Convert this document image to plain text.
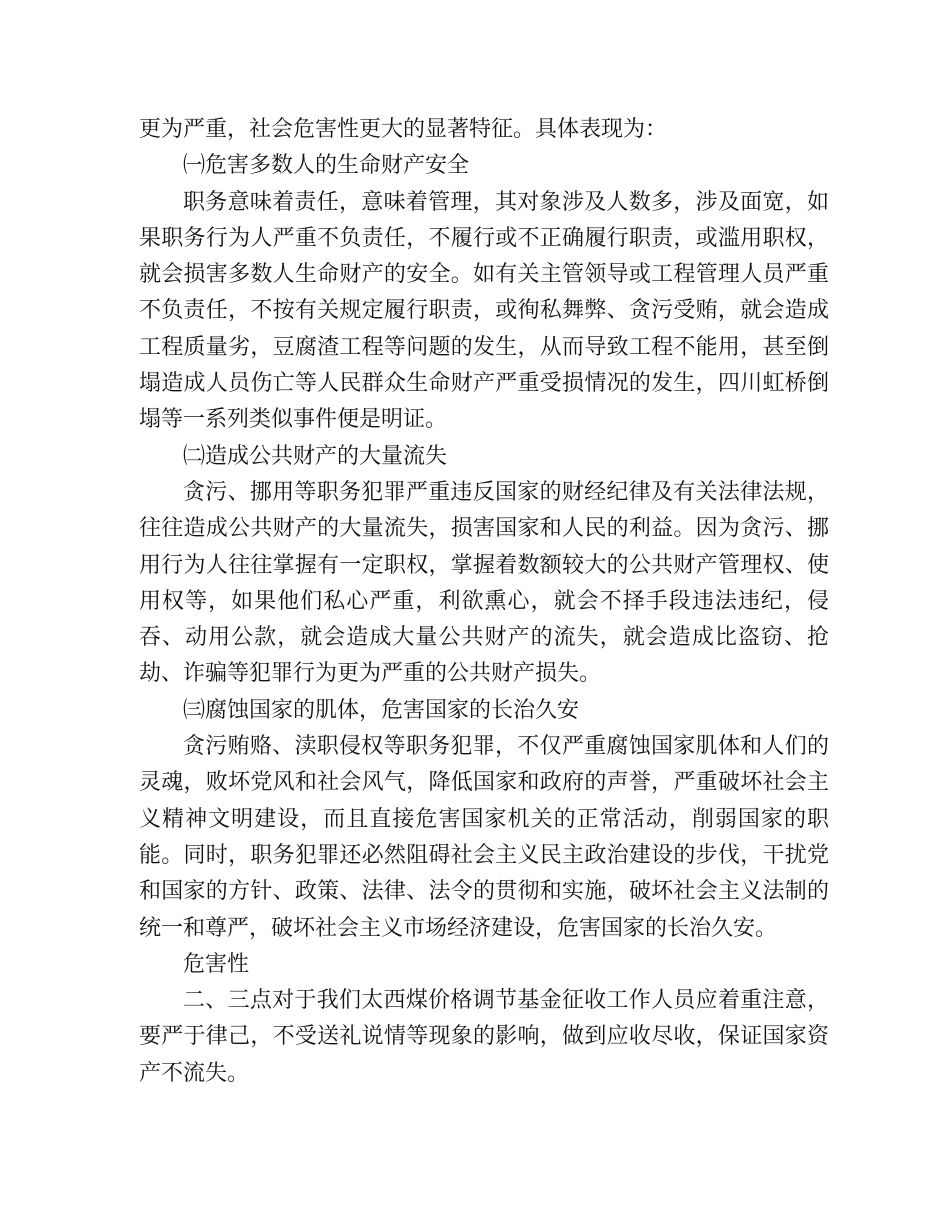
更为严重，社会危害性更大的显著特征。具体表现为：

㈠危害多数人的生命财产安全

职务意味着责任，意味着管理，其对象涉及人数多，涉及面宽，如果职务行为人严重不负责任，不履行或不正确履行职责，或滥用职权，就会损害多数人生命财产的安全。如有关主管领导或工程管理人员严重不负责任，不按有关规定履行职责，或徇私舞弊、贪污受贿，就会造成工程质量劣，豆腐渣工程等问题的发生，从而导致工程不能用，甚至倒塌造成人员伤亡等人民群众生命财产严重受损情况的发生，四川虹桥倒塌等一系列类似事件便是明证。

㈡造成公共财产的大量流失

贪污、挪用等职务犯罪严重违反国家的财经纪律及有关法律法规，往往造成公共财产的大量流失，损害国家和人民的利益。因为贪污、挪用行为人往往掌握有一定职权，掌握着数额较大的公共财产管理权、使用权等，如果他们私心严重，利欲熏心，就会不择手段违法违纪，侵吞、动用公款，就会造成大量公共财产的流失，就会造成比盗窃、抢劫、诈骗等犯罪行为更为严重的公共财产损失。

㈢腐蚀国家的肌体，危害国家的长治久安

贪污贿赂、渎职侵权等职务犯罪，不仅严重腐蚀国家肌体和人们的灵魂，败坏党风和社会风气，降低国家和政府的声誉，严重破坏社会主义精神文明建设，而且直接危害国家机关的正常活动，削弱国家的职能。同时，职务犯罪还必然阻碍社会主义民主政治建设的步伐，干扰党和国家的方针、政策、法律、法令的贯彻和实施，破坏社会主义法制的统一和尊严，破坏社会主义市场经济建设，危害国家的长治久安。

危害性

二、三点对于我们太西煤价格调节基金征收工作人员应着重注意，要严于律己，不受送礼说情等现象的影响，做到应收尽收，保证国家资产不流失。
